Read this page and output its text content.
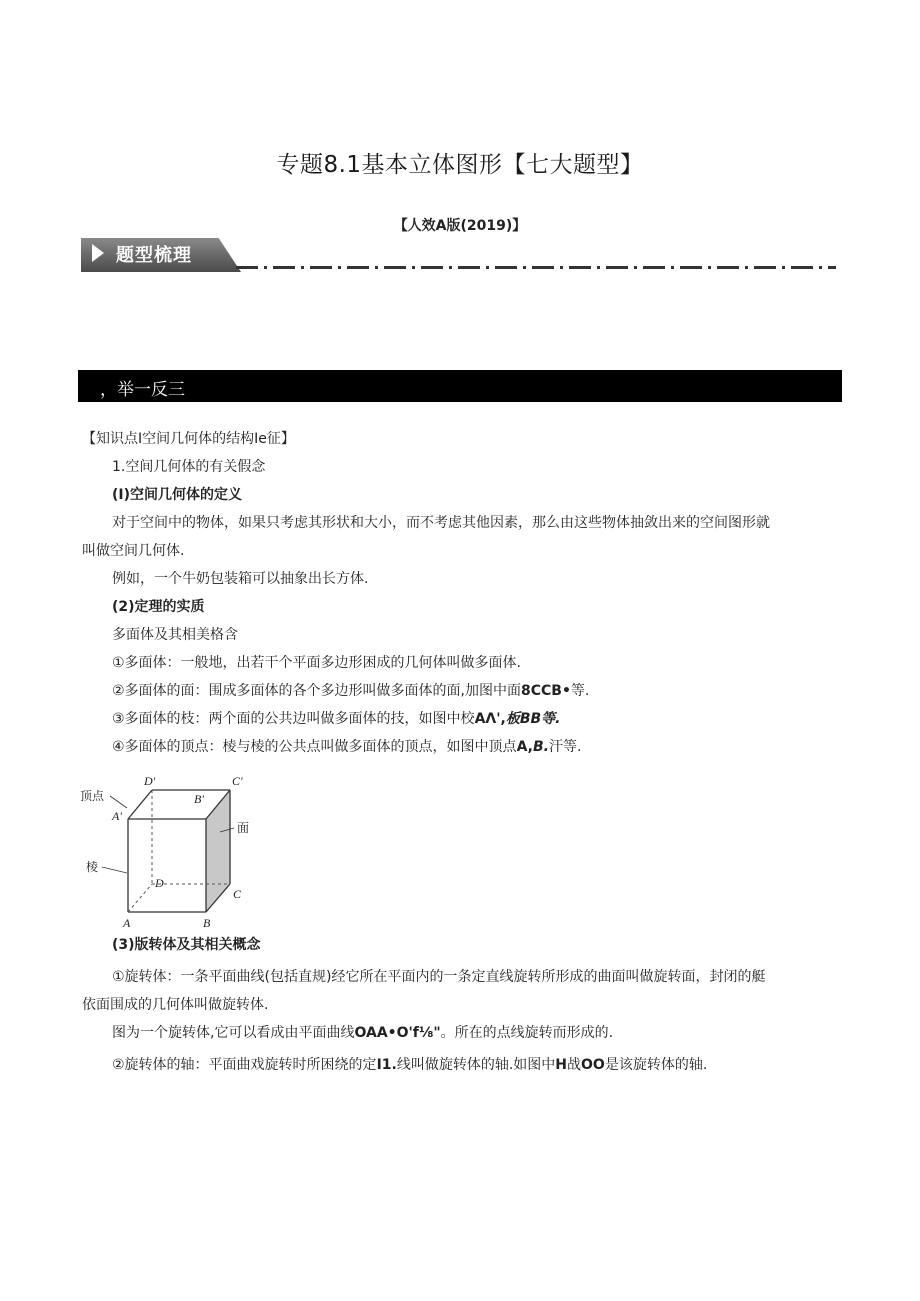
专题8.1基本立体图形【七大题型】
【人效A版(2019)】
题型梳理
，举一反三
【知识点I空间几何体的结构Ie征】
1.空间几何体的有关假念
(I)空间几何体的定义
对于空间中的物体，如果只考虑其形状和大小，而不考虑其他因素，那么由这些物体抽敛出来的空间图形就
叫做空间几何体.
例如，一个牛奶包装箱可以抽象出长方体.
(2)定理的实质
多面体及其相美格含
①多面体：一般地，出若干个平面多边形困成的几何体叫做多面体.
②多面体的面：围成多面体的各个多边形叫做多面体的面,加图中面8CCB•等.
③多面体的枝：两个面的公共边叫做多面体的技，如图中校AΛ',板BB等.
④多面体的顶点：棱与棱的公共点叫做多面体的顶点，如图中顶点A,B.汗等.
D'	C'
B'
A'
D
C
A	B
顶点
面
棱
(3)版转体及其相关概念
①旋转体：一条平面曲线(包括直规)经它所在平面内的一条定直线旋转所形成的曲面叫做旋转面，封闭的艇
依面围成的几何体叫做旋转体.
图为一个旋转体,它可以看成由平面曲线OAA•O'f⅛"。所在的点线旋转而形成的.
②旋转体的轴：平面曲戏旋转时所困绕的定I1.线叫做旋转体的轴.如图中H战OO是该旋转体的轴.
